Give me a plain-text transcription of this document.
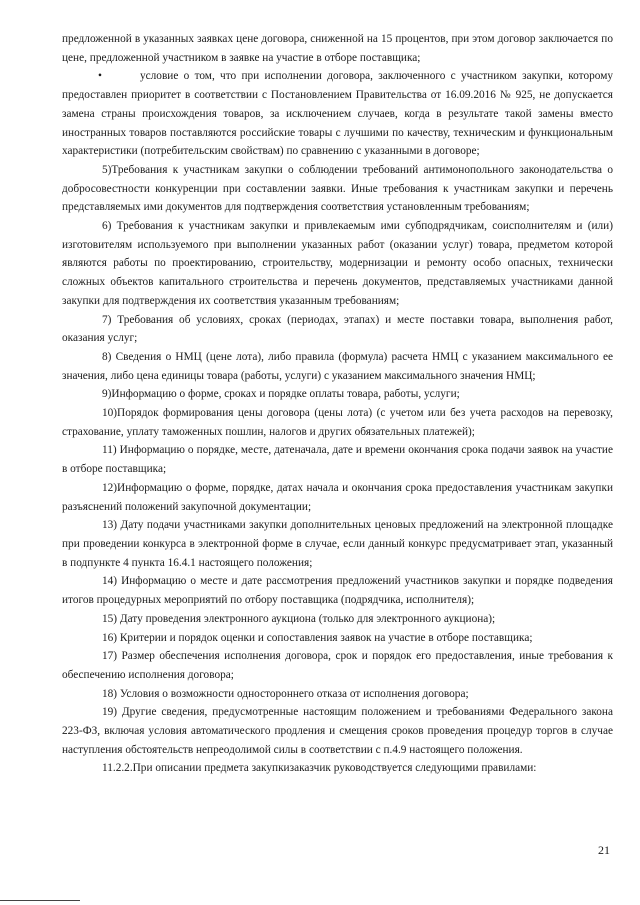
предложенной в указанных заявках цене договора, сниженной на 15 процентов, при этом договор заключается по цене, предложенной участником в заявке на участие в отборе поставщика;

•	условие о том, что при исполнении договора, заключенного с участником закупки, которому предоставлен приоритет в соответствии с Постановлением Правительства от 16.09.2016 № 925, не допускается замена страны происхождения товаров, за исключением случаев, когда в результате такой замены вместо иностранных товаров поставляются российские товары с лучшими по качеству, техническим и функциональным характеристики (потребительским свойствам) по сравнению с указанными в договоре;

5)Требования к участникам закупки о соблюдении требований антимонопольного законодательства о добросовестности конкуренции при составлении заявки. Иные требования к участникам закупки и перечень представляемых ими документов для подтверждения соответствия установленным требованиям;

6) Требования к участникам закупки и привлекаемым ими субподрядчикам, соисполнителям и (или) изготовителям используемого при выполнении указанных работ (оказании услуг) товара, предметом которой являются работы по проектированию, строительству, модернизации и ремонту особо опасных, технически сложных объектов капитального строительства и перечень документов, представляемых участниками данной закупки для подтверждения их соответствия указанным требованиям;

7) Требования об условиях, сроках (периодах, этапах) и месте поставки товара, выполнения работ, оказания услуг;

8) Сведения о НМЦ (цене лота), либо правила (формула) расчета НМЦ с указанием максимального ее значения, либо цена единицы товара (работы, услуги) с указанием максимального значения НМЦ;

9)Информацию о форме, сроках и порядке оплаты товара, работы, услуги;

10)Порядок формирования цены договора (цены лота) (с учетом или без учета расходов на перевозку, страхование, уплату таможенных пошлин, налогов и других обязательных платежей);

11) Информацию о порядке, месте, датеначала, дате и времени окончания срока подачи заявок на участие в отборе поставщика;

12)Информацию о форме, порядке, датах начала и окончания срока предоставления участникам закупки разъяснений положений закупочной документации;

13) Дату подачи участниками закупки дополнительных ценовых предложений на электронной площадке при проведении конкурса в электронной форме в случае, если данный конкурс предусматривает этап, указанный в подпункте 4 пункта 16.4.1 настоящего положения;

14) Информацию о месте и дате рассмотрения предложений участников закупки и порядке подведения итогов процедурных мероприятий по отбору поставщика (подрядчика, исполнителя);

15) Дату проведения электронного аукциона (только для электронного аукциона);

16) Критерии и порядок оценки и сопоставления заявок на участие в отборе поставщика;

17) Размер обеспечения исполнения договора, срок и порядок его предоставления, иные требования к обеспечению исполнения договора;

18) Условия о возможности одностороннего отказа от исполнения договора;

19) Другие сведения, предусмотренные настоящим положением и требованиями Федерального закона 223-ФЗ, включая условия автоматического продления и смещения сроков проведения процедур торгов в случае наступления обстоятельств непреодолимой силы в соответствии с п.4.9 настоящего положения.

11.2.2.При описании предмета закупкизаказчик руководствуется следующими правилами:

21
